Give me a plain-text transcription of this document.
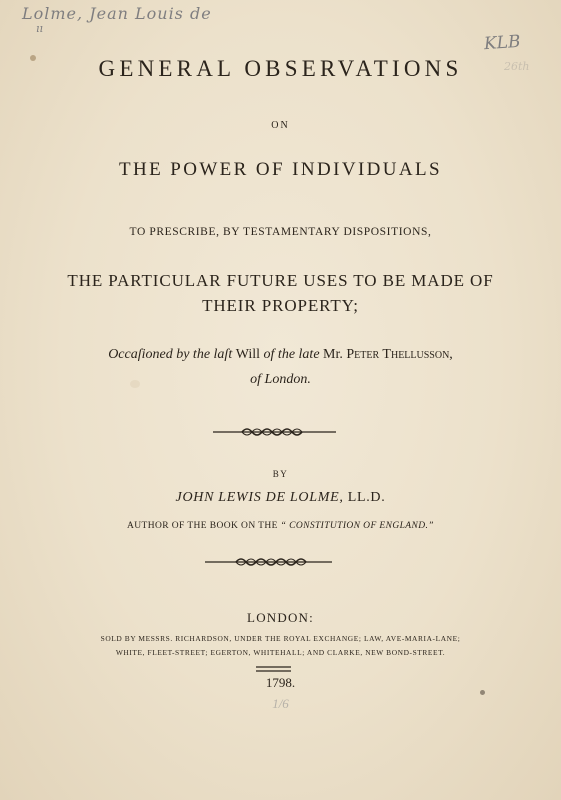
Lolme, Jean Louis de
ıı
KLB
26th
GENERAL OBSERVATIONS
ON
THE POWER OF INDIVIDUALS
TO PRESCRIBE, BY TESTAMENTARY DISPOSITIONS,
THE PARTICULAR FUTURE USES TO BE MADE OF
THEIR PROPERTY;
Occaſioned by the laſt Will of the late Mr. Peter Thellusson,
of London.
BY
JOHN LEWIS DE LOLME, LL.D.
AUTHOR OF THE BOOK ON THE “ CONSTITUTION OF ENGLAND.”
LONDON:
SOLD BY MESSRS. RICHARDSON, UNDER THE ROYAL EXCHANGE; LAW, AVE-MARIA-LANE;
WHITE, FLEET-STREET; EGERTON, WHITEHALL; AND CLARKE, NEW BOND-STREET.
1798.
1/6
